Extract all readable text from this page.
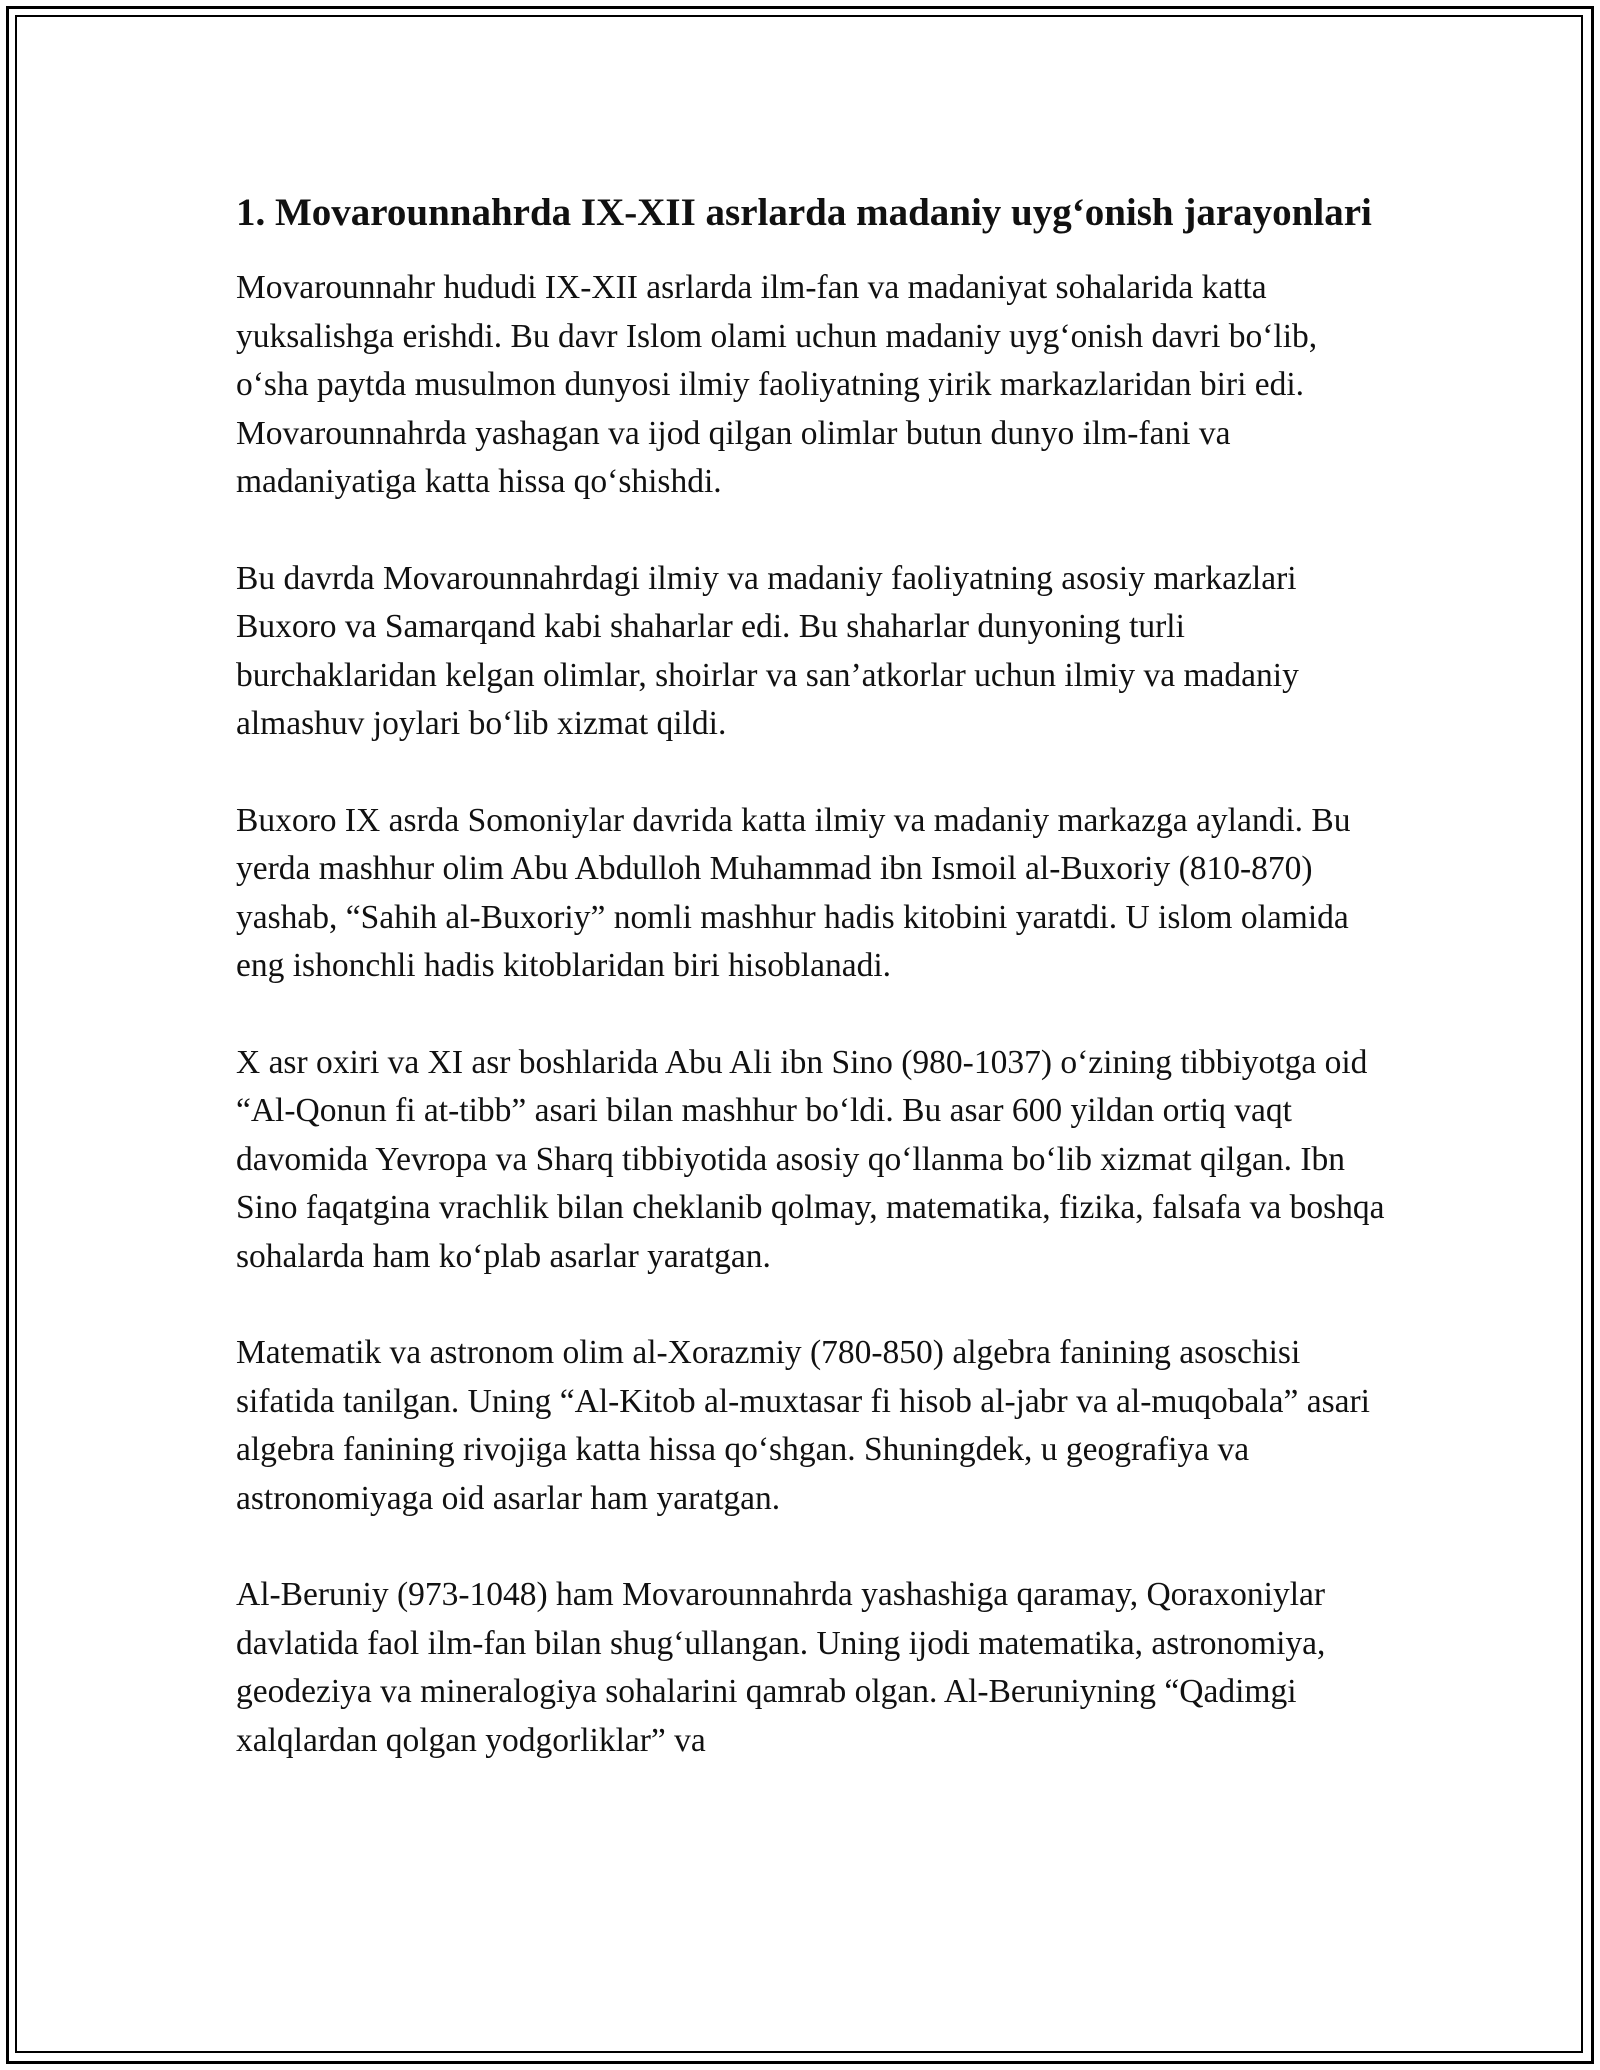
1. Movarounnahrda IX-XII asrlarda madaniy uyg‘onish jarayonlari

Movarounnahr hududi IX-XII asrlarda ilm-fan va madaniyat sohalarida katta yuksalishga erishdi. Bu davr Islom olami uchun madaniy uyg‘onish davri bo‘lib, o‘sha paytda musulmon dunyosi ilmiy faoliyatning yirik markazlaridan biri edi. Movarounnahrda yashagan va ijod qilgan olimlar butun dunyo ilm-fani va madaniyatiga katta hissa qo‘shishdi.

Bu davrda Movarounnahrdagi ilmiy va madaniy faoliyatning asosiy markazlari Buxoro va Samarqand kabi shaharlar edi. Bu shaharlar dunyoning turli burchaklaridan kelgan olimlar, shoirlar va san’atkorlar uchun ilmiy va madaniy almashuv joylari bo‘lib xizmat qildi.

Buxoro IX asrda Somoniylar davrida katta ilmiy va madaniy markazga aylandi. Bu yerda mashhur olim Abu Abdulloh Muhammad ibn Ismoil al-Buxoriy (810-870) yashab, “Sahih al-Buxoriy” nomli mashhur hadis kitobini yaratdi. U islom olamida eng ishonchli hadis kitoblaridan biri hisoblanadi.

X asr oxiri va XI asr boshlarida Abu Ali ibn Sino (980-1037) o‘zining tibbiyotga oid “Al-Qonun fi at-tibb” asari bilan mashhur bo‘ldi. Bu asar 600 yildan ortiq vaqt davomida Yevropa va Sharq tibbiyotida asosiy qo‘llanma bo‘lib xizmat qilgan. Ibn Sino faqatgina vrachlik bilan cheklanib qolmay, matematika, fizika, falsafa va boshqa sohalarda ham ko‘plab asarlar yaratgan.

Matematik va astronom olim al-Xorazmiy (780-850) algebra fanining asoschisi sifatida tanilgan. Uning “Al-Kitob al-muxtasar fi hisob al-jabr va al-muqobala” asari algebra fanining rivojiga katta hissa qo‘shgan. Shuningdek, u geografiya va astronomiyaga oid asarlar ham yaratgan.

Al-Beruniy (973-1048) ham Movarounnahrda yashashiga qaramay, Qoraxoniylar davlatida faol ilm-fan bilan shug‘ullangan. Uning ijodi matematika, astronomiya, geodeziya va mineralogiya sohalarini qamrab olgan. Al-Beruniyning “Qadimgi xalqlardan qolgan yodgorliklar” va
